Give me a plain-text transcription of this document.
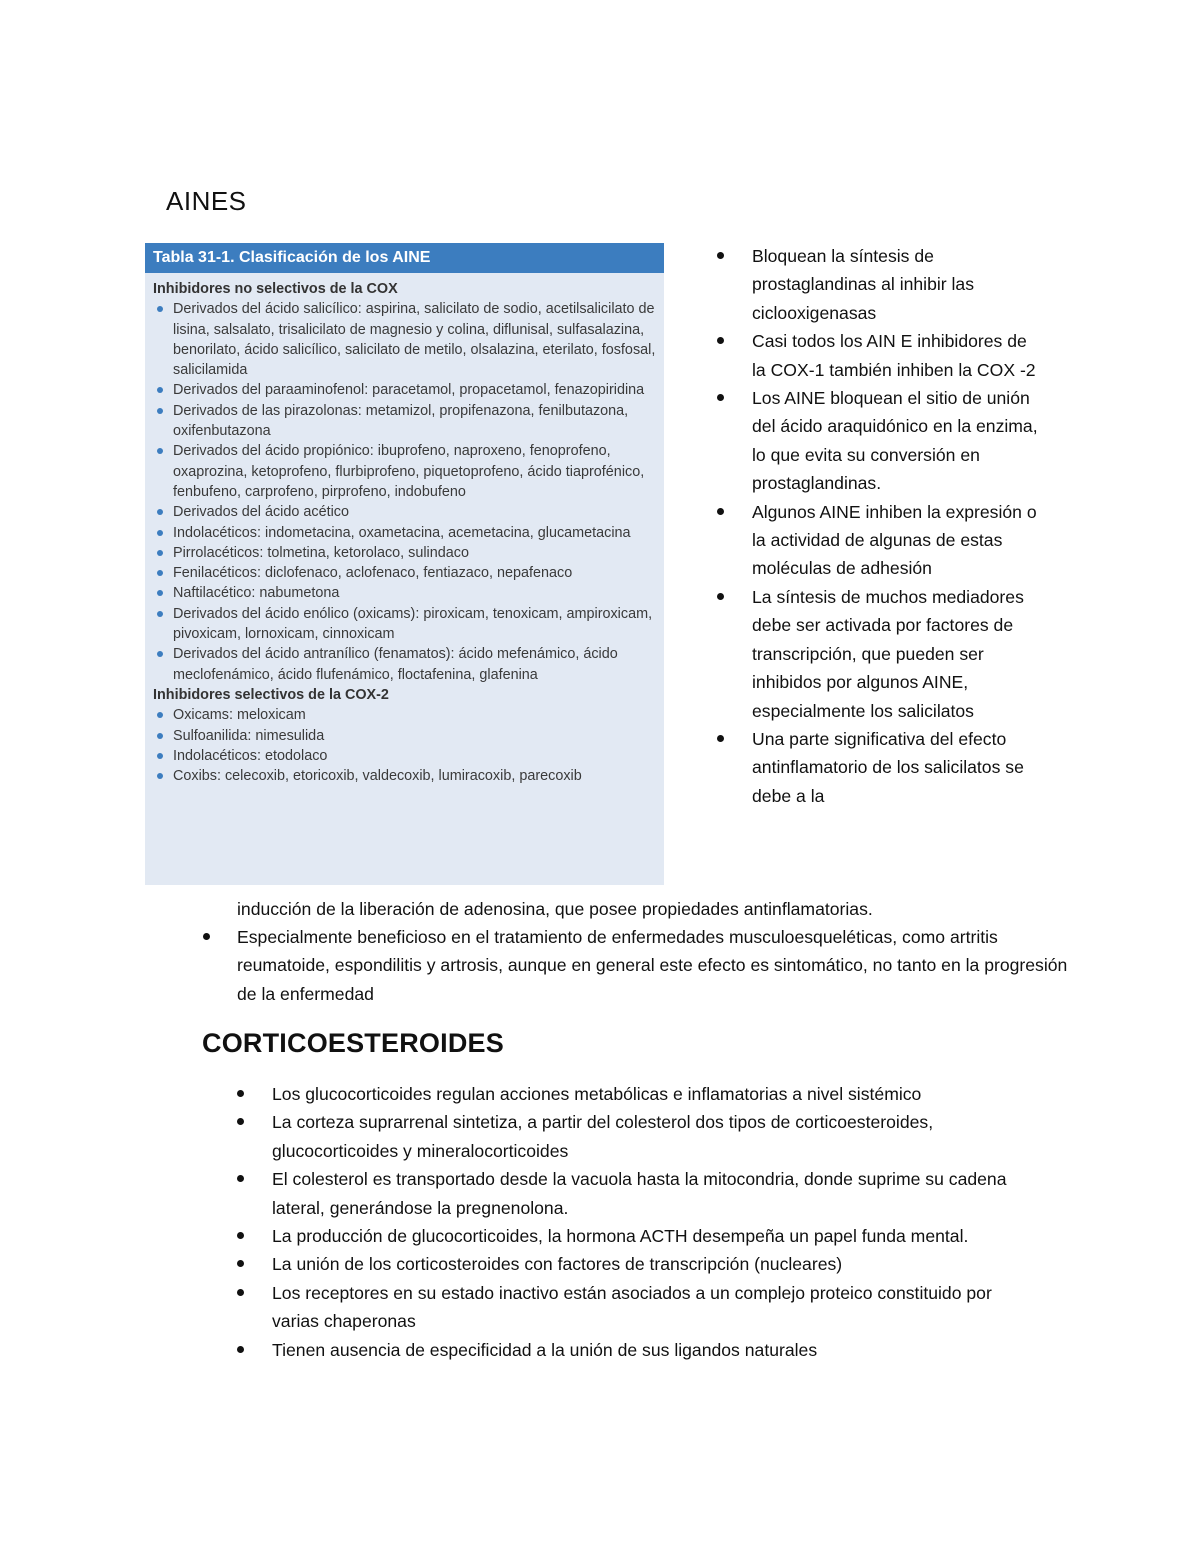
AINES
Tabla 31-1. Clasificación de los AINE
Inhibidores no selectivos de la COX
Derivados del ácido salicílico: aspirina, salicilato de sodio, acetilsalicilato de lisina, salsalato, trisalicilato de magnesio y colina, diflunisal, sulfasalazina, benorilato, ácido salicílico, salicilato de metilo, olsalazina, eterilato, fosfosal, salicilamida
Derivados del paraaminofenol: paracetamol, propacetamol, fenazopiridina
Derivados de las pirazolonas: metamizol, propifenazona, fenilbutazona, oxifenbutazona
Derivados del ácido propiónico: ibuprofeno, naproxeno, fenoprofeno, oxaprozina, ketoprofeno, flurbiprofeno, piquetoprofeno, ácido tiaprofénico, fenbufeno, carprofeno, pirprofeno, indobufeno
Derivados del ácido acético
Indolacéticos: indometacina, oxametacina, acemetacina, glucametacina
Pirrolacéticos: tolmetina, ketorolaco, sulindaco
Fenilacéticos: diclofenaco, aclofenaco, fentiazaco, nepafenaco
Naftilacético: nabumetona
Derivados del ácido enólico (oxicams): piroxicam, tenoxicam, ampiroxicam, pivoxicam, lornoxicam, cinnoxicam
Derivados del ácido antranílico (fenamatos): ácido mefenámico, ácido meclofenámico, ácido flufenámico, floctafenina, glafenina
Inhibidores selectivos de la COX-2
Oxicams: meloxicam
Sulfoanilida: nimesulida
Indolacéticos: etodolaco
Coxibs: celecoxib, etoricoxib, valdecoxib, lumiracoxib, parecoxib
Bloquean la síntesis de prostaglandinas al inhibir las ciclooxigenasas
Casi todos los AIN E inhibidores de la COX-1 también inhiben la COX -2
Los AINE bloquean el sitio de unión del ácido araquidónico en la enzima, lo que evita su conversión en prostaglandinas.
Algunos AINE inhiben la expresión o la actividad de algunas de estas moléculas de adhesión
La síntesis de muchos mediadores debe ser activada por factores de transcripción, que pueden ser inhibidos por algunos AINE, especialmente los salicilatos
Una parte significativa del efecto antinflamatorio de los salicilatos se debe a la
inducción de la liberación de adenosina, que posee propiedades antinflamatorias.
Especialmente beneficioso en el tratamiento de enfermedades musculoesqueléticas, como artritis reumatoide, espondilitis y artrosis, aunque en general este efecto es sintomático, no tanto en la progresión de la enfermedad
CORTICOESTEROIDES
Los glucocorticoides regulan acciones metabólicas e inflamatorias a nivel sistémico
La corteza suprarrenal sintetiza, a partir del colesterol dos tipos de corticoesteroides, glucocorticoides y mineralocorticoides
El colesterol es transportado desde la vacuola hasta la mitocondria, donde suprime su cadena lateral, generándose la pregnenolona.
La producción de glucocorticoides, la hormona ACTH desempeña un papel funda mental.
La unión de los corticosteroides con factores de transcripción (nucleares)
Los receptores en su estado inactivo están asociados a un complejo proteico constituido por varias chaperonas
Tienen ausencia de especificidad a la unión de sus ligandos naturales
